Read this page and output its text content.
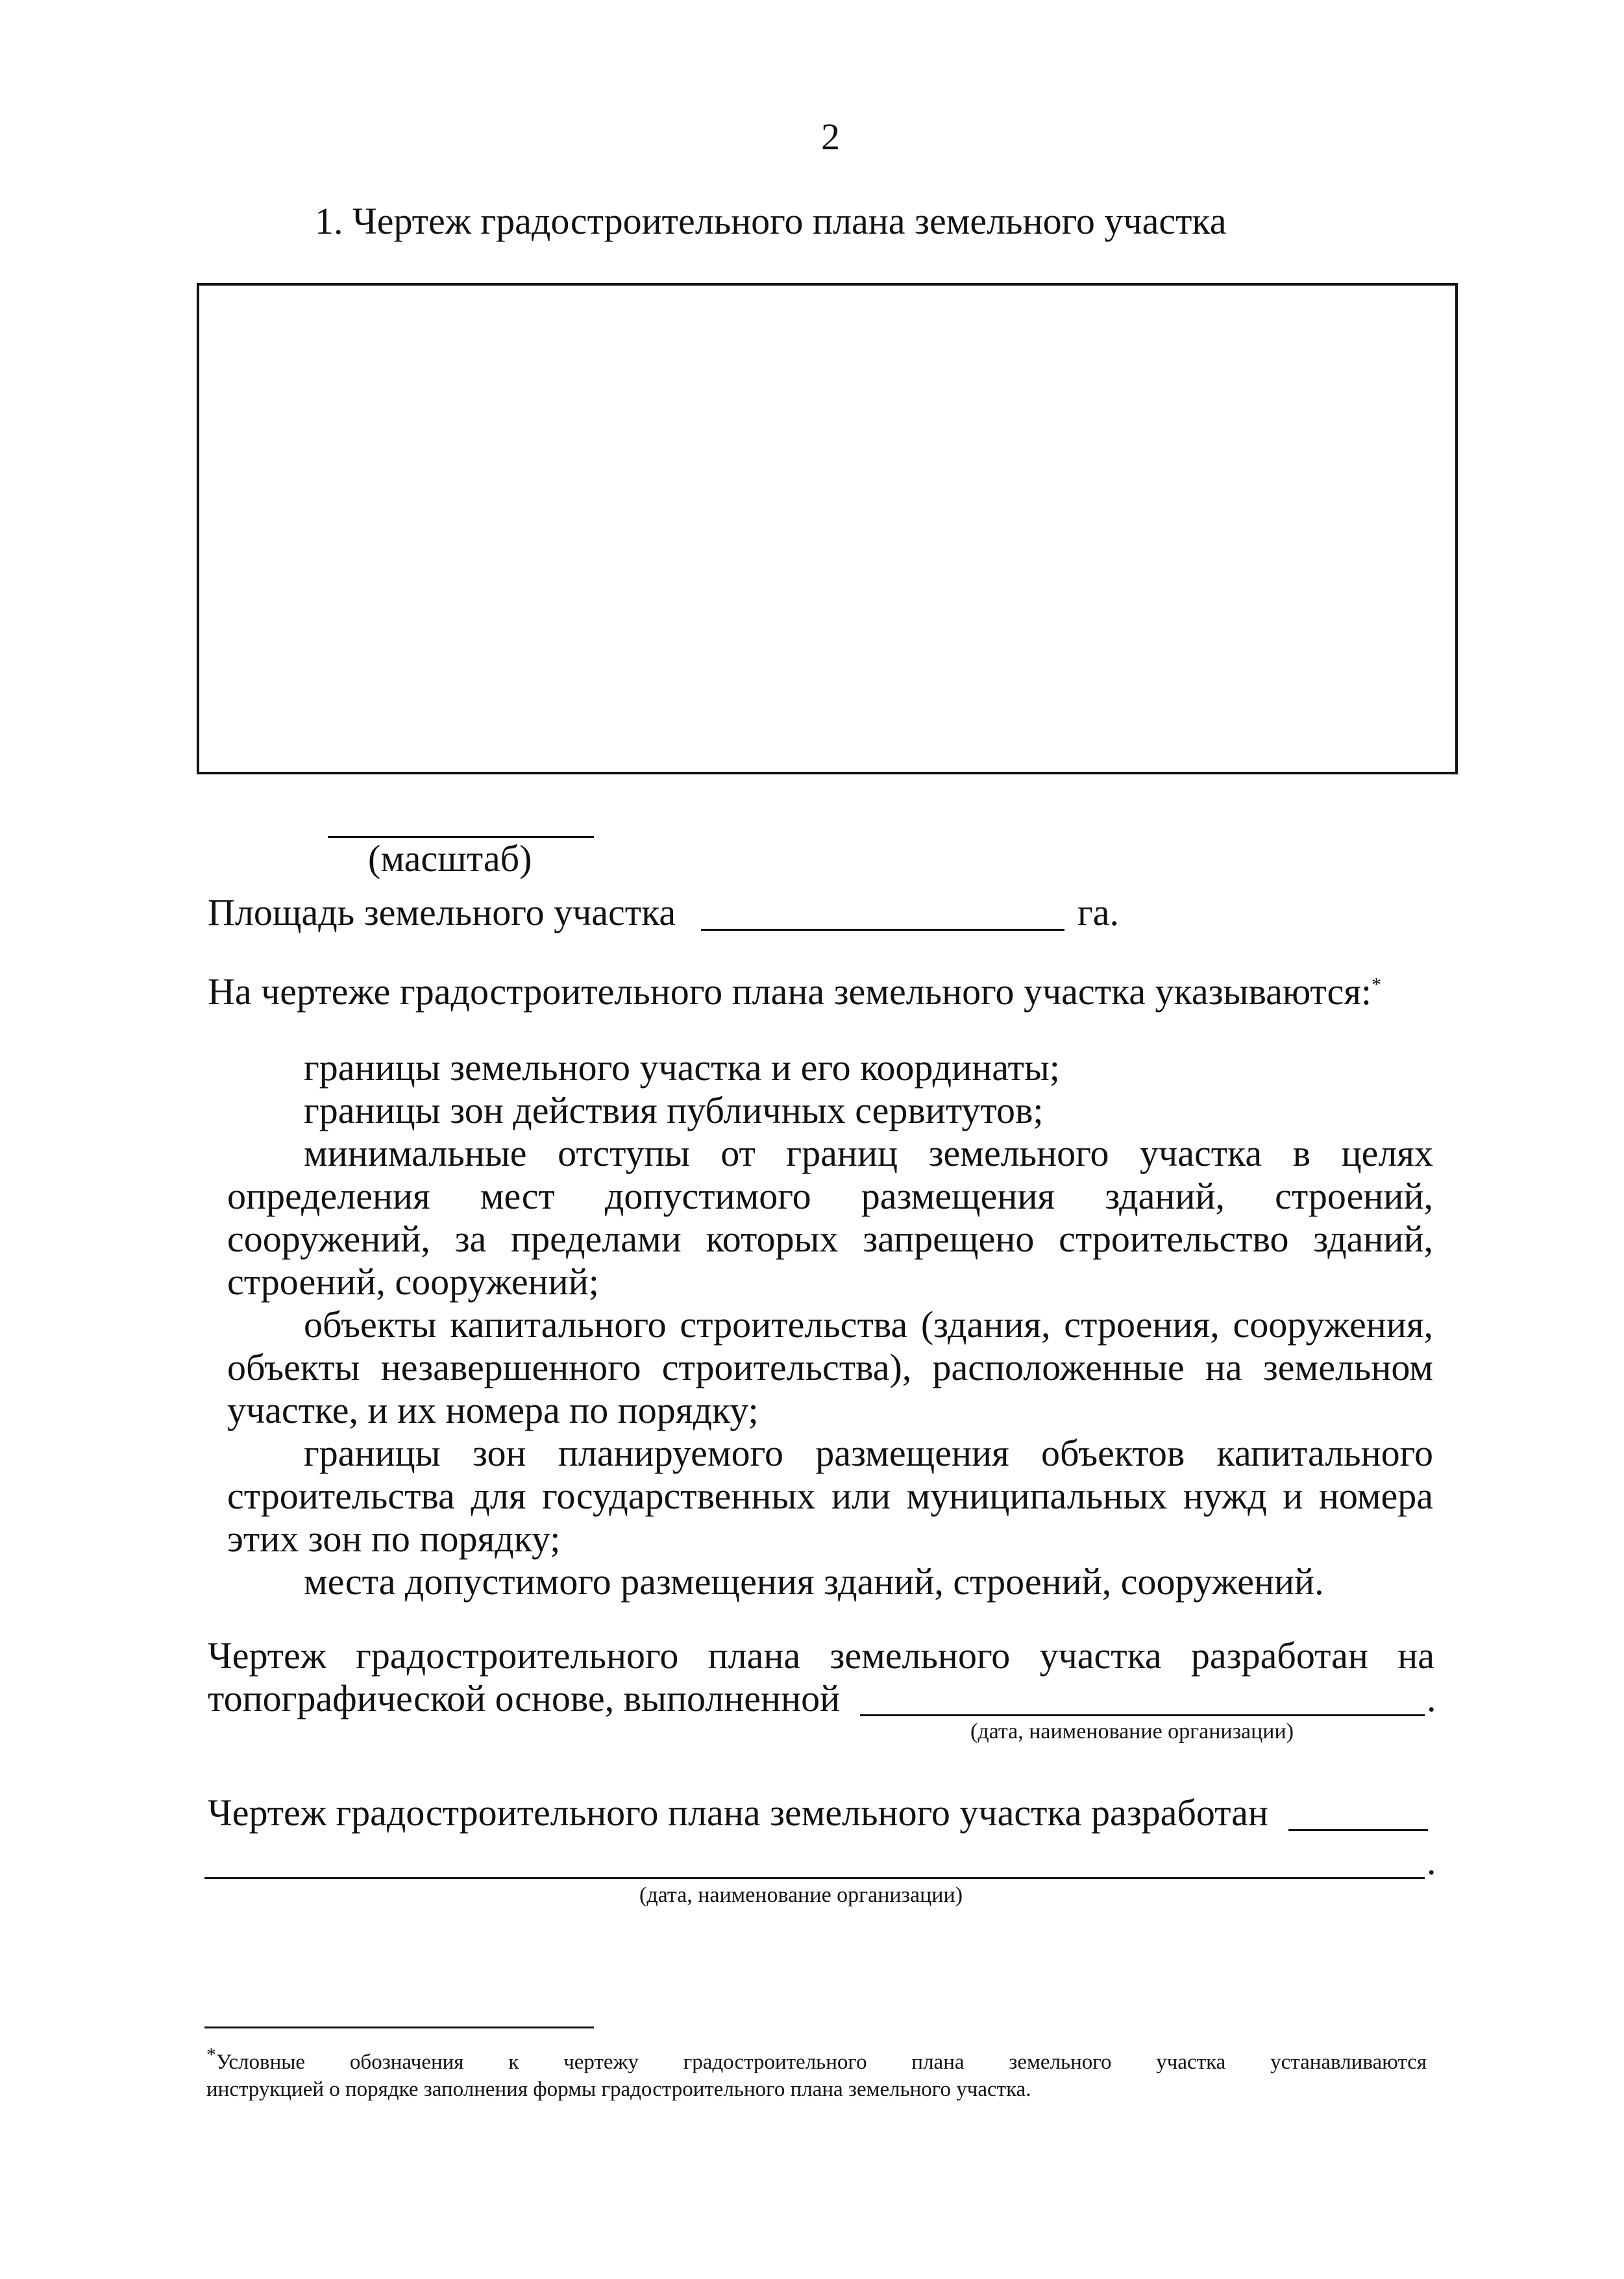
2
1. Чертеж градостроительного плана земельного участка
(масштаб)
Площадь земельного участка	га.
На чертеже градостроительного плана земельного участка указываются:*
границы земельного участка и его координаты;
границы зон действия публичных сервитутов;
минимальные отступы от границ земельного участка в целях
определения мест допустимого размещения зданий, строений,
сооружений, за пределами которых запрещено строительство зданий,
строений, сооружений;
объекты капитального строительства (здания, строения, сооружения,
объекты незавершенного строительства), расположенные на земельном
участке, и их номера по порядку;
границы зон планируемого размещения объектов капитального
строительства для государственных или муниципальных нужд и номера
этих зон по порядку;
места допустимого размещения зданий, строений, сооружений.
Чертеж градостроительного плана земельного участка разработан на
топографической основе, выполненной	.
(дата, наименование организации)
Чертеж градостроительного плана земельного участка разработан
.
(дата, наименование организации)
*Условные обозначения к чертежу градостроительного плана земельного участка устанавливаются
инструкцией о порядке заполнения формы градостроительного плана земельного участка.
